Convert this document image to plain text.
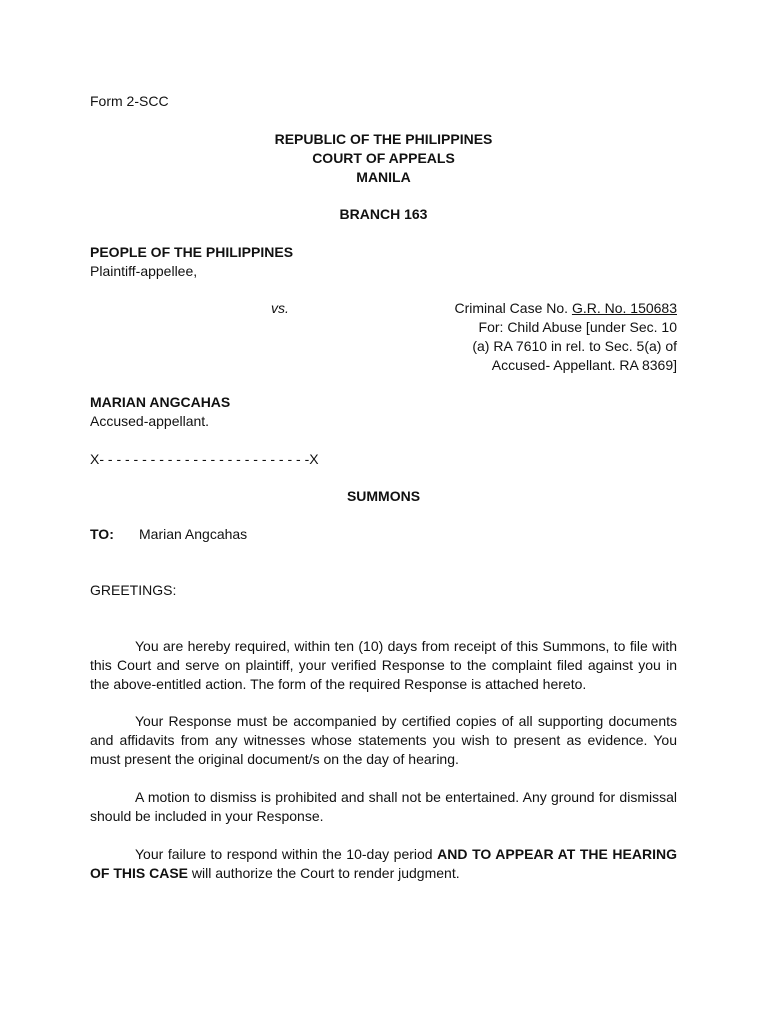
Form 2-SCC
REPUBLIC OF THE PHILIPPINES
COURT OF APPEALS
MANILA
BRANCH 163
PEOPLE OF THE PHILIPPINES
Plaintiff-appellee,
vs.	Criminal Case No. G.R. No. 150683
For: Child Abuse [under Sec. 10
(a) RA 7610 in rel. to Sec. 5(a) of
Accused- Appellant. RA 8369]
MARIAN ANGCAHAS
Accused-appellant.
X- - - - - - - - - - - - - - - - - - - - - - - - -X
SUMMONS
TO: Marian Angcahas
GREETINGS:
You are hereby required, within ten (10) days from receipt of this Summons, to file with this Court and serve on plaintiff, your verified Response to the complaint filed against you in the above-entitled action. The form of the required Response is attached hereto.
Your Response must be accompanied by certified copies of all supporting documents and affidavits from any witnesses whose statements you wish to present as evidence. You must present the original document/s on the day of hearing.
A motion to dismiss is prohibited and shall not be entertained. Any ground for dismissal should be included in your Response.
Your failure to respond within the 10-day period AND TO APPEAR AT THE HEARING OF THIS CASE will authorize the Court to render judgment.
